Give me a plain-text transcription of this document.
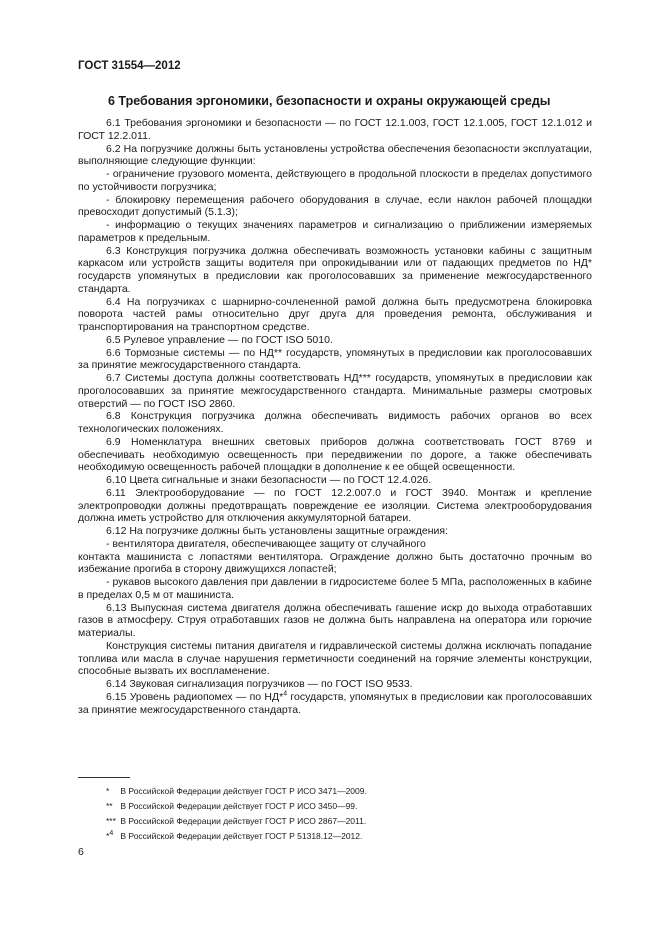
ГОСТ 31554—2012
6 Требования эргономики, безопасности и охраны окружающей среды

6.1 Требования эргономики и безопасности — по ГОСТ 12.1.003, ГОСТ 12.1.005, ГОСТ 12.1.012 и ГОСТ 12.2.011.

6.2 На погрузчике должны быть установлены устройства обеспечения безопасности эксплуатации, выполняющие следующие функции:

- ограничение грузового момента, действующего в продольной плоскости в пределах допустимого по устойчивости погрузчика;

- блокировку перемещения рабочего оборудования в случае, если наклон рабочей площадки превосходит допустимый (5.1.3);

- информацию о текущих значениях параметров и сигнализацию о приближении измеряемых параметров к предельным.

6.3 Конструкция погрузчика должна обеспечивать возможность установки кабины с защитным каркасом или устройств защиты водителя при опрокидывании или от падающих предметов по НД* государств упомянутых в предисловии как проголосовавших за применение межгосударственного стандарта.

6.4 На погрузчиках с шарнирно-сочлененной рамой должна быть предусмотрена блокировка поворота частей рамы относительно друг друга для проведения ремонта, обслуживания и транспортирования на транспортном средстве.

6.5 Рулевое управление — по ГОСТ ISO 5010.

6.6 Тормозные системы — по НД** государств, упомянутых в предисловии как проголосовавших за принятие межгосударственного стандарта.

6.7 Системы доступа должны соответствовать НД*** государств, упомянутых в предисловии как проголосовавших за принятие межгосударственного стандарта. Минимальные размеры смотровых отверстий — по ГОСТ ISO 2860.

6.8 Конструкция погрузчика должна обеспечивать видимость рабочих органов во всех технологических положениях.

6.9 Номенклатура внешних световых приборов должна соответствовать ГОСТ 8769 и обеспечивать необходимую освещенность при передвижении по дороге, а также обеспечивать необходимую освещенность рабочей площадки в дополнение к ее общей освещенности.

6.10 Цвета сигнальные и знаки безопасности — по ГОСТ 12.4.026.

6.11 Электрооборудование — по ГОСТ 12.2.007.0 и ГОСТ 3940. Монтаж и крепление электропроводки должны предотвращать повреждение ее изоляции. Система электрооборудования должна иметь устройство для отключения аккумуляторной батареи.

6.12 На погрузчике должны быть установлены защитные ограждения:

- вентилятора двигателя, обеспечивающее защиту от случайного

контакта машиниста с лопастями вентилятора. Ограждение должно быть достаточно прочным во избежание прогиба в сторону движущихся лопастей;

- рукавов высокого давления при давлении в гидросистеме более 5 МПа, расположенных в кабине в пределах 0,5 м от машиниста.

6.13 Выпускная система двигателя должна обеспечивать гашение искр до выхода отработавших газов в атмосферу. Струя отработавших газов не должна быть направлена на оператора или горючие материалы.

Конструкция системы питания двигателя и гидравлической системы должна исключать попадание топлива или масла в случае нарушения герметичности соединений на горячие элементы конструкции, способные вызвать их воспламенение.

6.14 Звуковая сигнализация погрузчиков — по ГОСТ ISO 9533.

6.15 Уровень радиопомех — по НД*$^4$ государств, упомянутых в предисловии как проголосовавших за принятие межгосударственного стандарта.

* В Российской Федерации действует ГОСТ Р ИСО 3471—2009.

** В Российской Федерации действует ГОСТ Р ИСО 3450—99.

*** В Российской Федерации действует ГОСТ Р ИСО 2867—2011.

*$^4$ В Российской Федерации действует ГОСТ Р 51318.12—2012.

6
